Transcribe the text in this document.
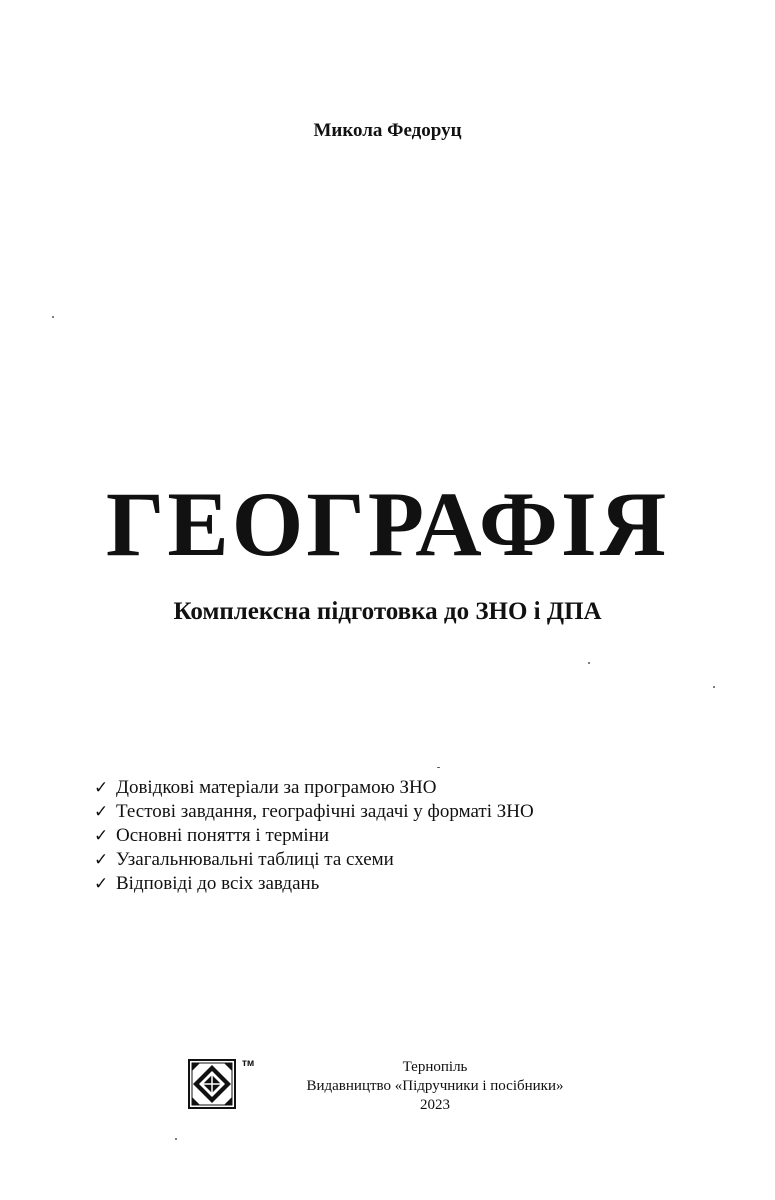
Микола Федоруц
ГЕОГРАФІЯ
Комплексна підготовка до ЗНО і ДПА
✓ Довідкові матеріали за програмою ЗНО
✓ Тестові завдання, географічні задачі у форматі ЗНО
✓ Основні поняття і терміни
✓ Узагальнювальні таблиці та схеми
✓ Відповіді до всіх завдань
тм	Тернопіль
Видавництво «Підручники і посібники»
2023
